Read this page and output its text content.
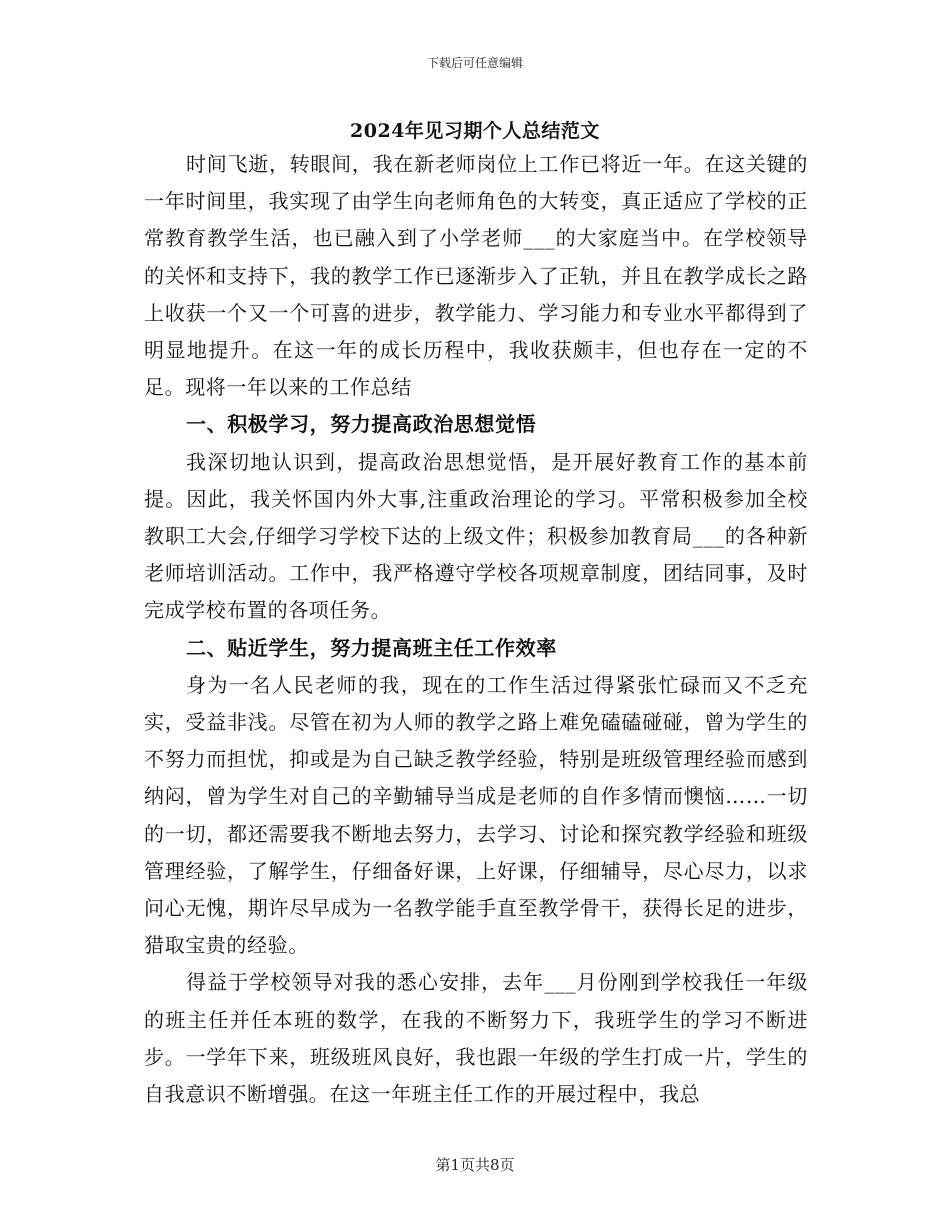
下载后可任意编辑
2024年见习期个人总结范文

时间飞逝，转眼间，我在新老师岗位上工作已将近一年。在这关键的一年时间里，我实现了由学生向老师角色的大转变，真正适应了学校的正常教育教学生活，也已融入到了小学老师___的大家庭当中。在学校领导的关怀和支持下，我的教学工作已逐渐步入了正轨，并且在教学成长之路上收获一个又一个可喜的进步，教学能力、学习能力和专业水平都得到了明显地提升。在这一年的成长历程中，我收获颇丰，但也存在一定的不足。现将一年以来的工作总结

一、积极学习，努力提高政治思想觉悟

我深切地认识到，提高政治思想觉悟，是开展好教育工作的基本前提。因此，我关怀国内外大事,注重政治理论的学习。平常积极参加全校教职工大会,仔细学习学校下达的上级文件；积极参加教育局___的各种新老师培训活动。工作中，我严格遵守学校各项规章制度，团结同事，及时完成学校布置的各项任务。

二、贴近学生，努力提高班主任工作效率

身为一名人民老师的我，现在的工作生活过得紧张忙碌而又不乏充实，受益非浅。尽管在初为人师的教学之路上难免磕磕碰碰，曾为学生的不努力而担忧，抑或是为自己缺乏教学经验，特别是班级管理经验而感到纳闷，曾为学生对自己的辛勤辅导当成是老师的自作多情而懊恼……一切的一切，都还需要我不断地去努力，去学习、讨论和探究教学经验和班级管理经验，了解学生，仔细备好课，上好课，仔细辅导，尽心尽力，以求问心无愧，期许尽早成为一名教学能手直至教学骨干，获得长足的进步，猎取宝贵的经验。

得益于学校领导对我的悉心安排，去年___月份刚到学校我任一年级的班主任并任本班的数学，在我的不断努力下，我班学生的学习不断进步。一学年下来，班级班风良好，我也跟一年级的学生打成一片，学生的自我意识不断增强。在这一年班主任工作的开展过程中，我总

第1页共8页
